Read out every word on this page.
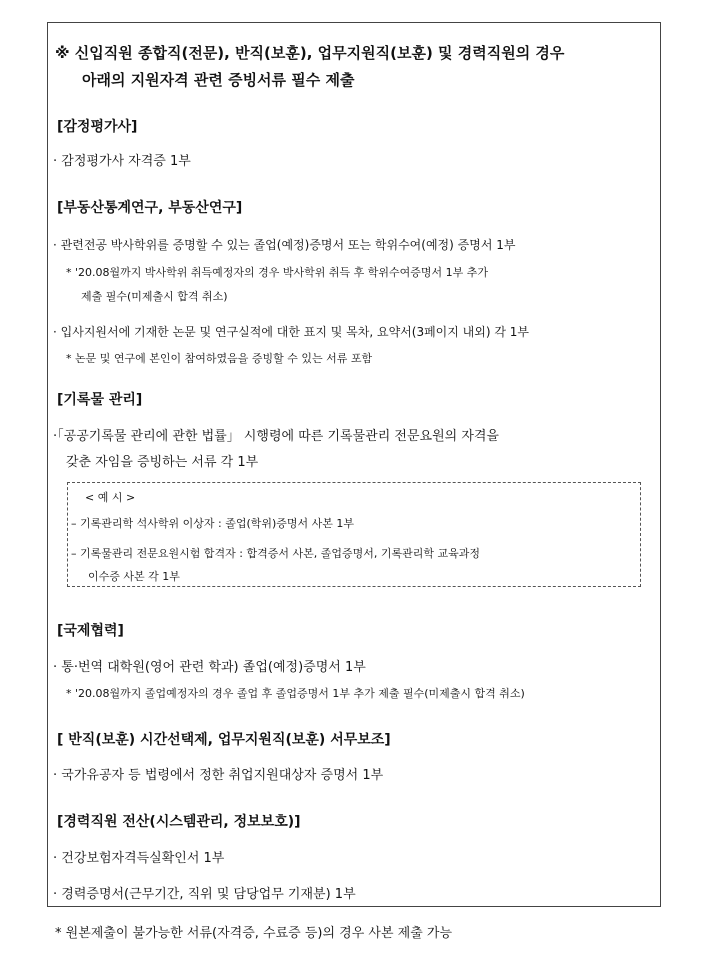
※ 신입직원 종합직(전문), 반직(보훈), 업무지원직(보훈) 및 경력직원의 경우
아래의 지원자격 관련 증빙서류 필수 제출
[감정평가사]
· 감정평가사 자격증 1부
[부동산통계연구, 부동산연구]
· 관련전공 박사학위를 증명할 수 있는 졸업(예정)증명서 또는 학위수여(예정) 증명서 1부
* '20.08월까지 박사학위 취득예정자의 경우 박사학위 취득 후 학위수여증명서 1부 추가
제출 필수(미제출시 합격 취소)
· 입사지원서에 기재한 논문 및 연구실적에 대한 표지 및 목차, 요약서(3페이지 내외) 각 1부
* 논문 및 연구에 본인이 참여하였음을 증빙할 수 있는 서류 포함
[기록물 관리]
·「공공기록물 관리에 관한 법률」 시행령에 따른 기록물관리 전문요원의 자격을
갖춘 자임을 증빙하는 서류 각 1부
< 예 시 >
– 기록관리학 석사학위 이상자 : 졸업(학위)증명서 사본 1부
– 기록물관리 전문요원시험 합격자 : 합격증서 사본, 졸업증명서, 기록관리학 교육과정
이수증 사본 각 1부
[국제협력]
· 통·번역 대학원(영어 관련 학과) 졸업(예정)증명서 1부
* '20.08월까지 졸업예정자의 경우 졸업 후 졸업증명서 1부 추가 제출 필수(미제출시 합격 취소)
[ 반직(보훈) 시간선택제, 업무지원직(보훈) 서무보조]
· 국가유공자 등 법령에서 정한 취업지원대상자 증명서 1부
[경력직원 전산(시스템관리, 정보보호)]
· 건강보험자격득실확인서 1부
· 경력증명서(근무기간, 직위 및 담당업무 기재분) 1부
* 원본제출이 불가능한 서류(자격증, 수료증 등)의 경우 사본 제출 가능
